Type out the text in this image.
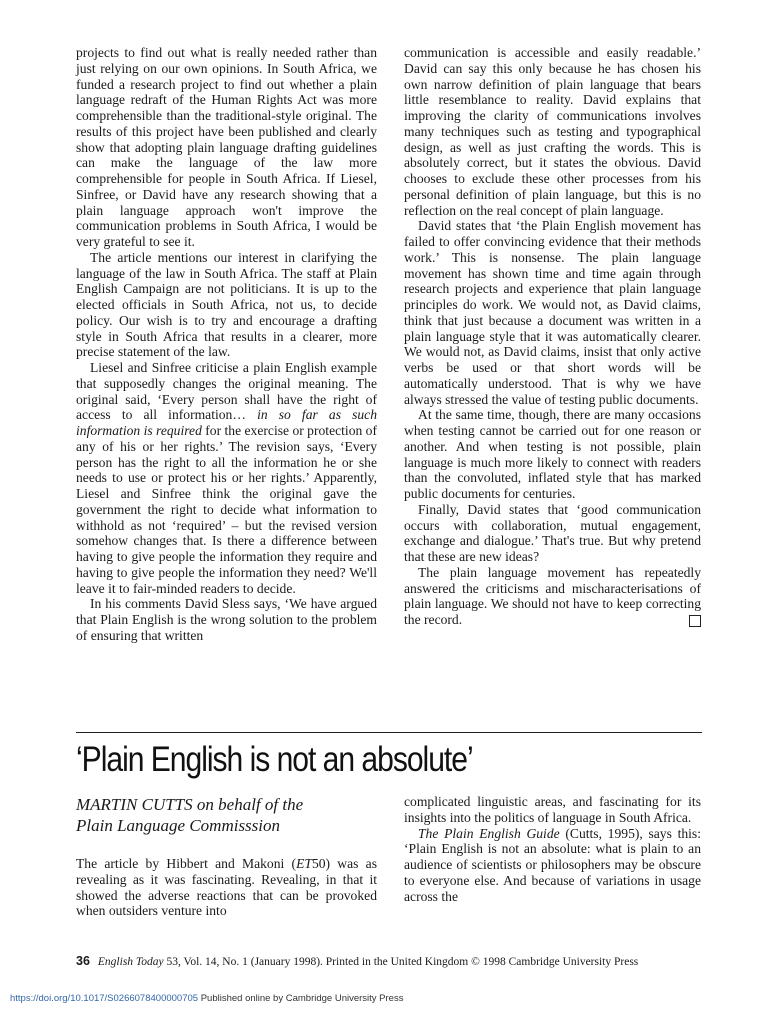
projects to find out what is really needed rather than just relying on our own opinions. In South Africa, we funded a research project to find out whether a plain language redraft of the Human Rights Act was more comprehensible than the traditional-style original. The results of this project have been published and clearly show that adopting plain language drafting guidelines can make the language of the law more comprehensible for people in South Africa. If Liesel, Sinfree, or David have any research showing that a plain language approach won't improve the communication problems in South Africa, I would be very grateful to see it.

The article mentions our interest in clarifying the language of the law in South Africa. The staff at Plain English Campaign are not politicians. It is up to the elected officials in South Africa, not us, to decide policy. Our wish is to try and encourage a drafting style in South Africa that results in a clearer, more precise statement of the law.

Liesel and Sinfree criticise a plain English example that supposedly changes the original meaning. The original said, ‘Every person shall have the right of access to all information… in so far as such information is required for the exercise or protection of any of his or her rights.’ The revision says, ‘Every person has the right to all the information he or she needs to use or protect his or her rights.’ Apparently, Liesel and Sinfree think the original gave the government the right to decide what information to withhold as not ‘required’ – but the revised version somehow changes that. Is there a difference between having to give people the information they require and having to give people the information they need? We'll leave it to fair-minded readers to decide.

In his comments David Sless says, ‘We have argued that Plain English is the wrong solution to the problem of ensuring that written

communication is accessible and easily readable.’ David can say this only because he has chosen his own narrow definition of plain language that bears little resemblance to reality. David explains that improving the clarity of communications involves many techniques such as testing and typographical design, as well as just crafting the words. This is absolutely correct, but it states the obvious. David chooses to exclude these other processes from his personal definition of plain language, but this is no reflection on the real concept of plain language.

David states that ‘the Plain English movement has failed to offer convincing evidence that their methods work.’ This is nonsense. The plain language movement has shown time and time again through research projects and experience that plain language principles do work. We would not, as David claims, think that just because a document was written in a plain language style that it was automatically clearer. We would not, as David claims, insist that only active verbs be used or that short words will be automatically understood. That is why we have always stressed the value of testing public documents.

At the same time, though, there are many occasions when testing cannot be carried out for one reason or another. And when testing is not possible, plain language is much more likely to connect with readers than the convoluted, inflated style that has marked public documents for centuries.

Finally, David states that ‘good communication occurs with collaboration, mutual engagement, exchange and dialogue.’ That's true. But why pretend that these are new ideas?

The plain language movement has repeatedly answered the criticisms and mischaracterisations of plain language. We should not have to keep correcting the record.

‘Plain English is not an absolute’
MARTIN CUTTS on behalf of the
Plain Language Commisssion

The article by Hibbert and Makoni (ET50) was as revealing as it was fascinating. Revealing, in that it showed the adverse reactions that can be provoked when outsiders venture into

complicated linguistic areas, and fascinating for its insights into the politics of language in South Africa.

The Plain English Guide (Cutts, 1995), says this: ‘Plain English is not an absolute: what is plain to an audience of scientists or philosophers may be obscure to everyone else. And because of variations in usage across the

36 English Today 53, Vol. 14, No. 1 (January 1998). Printed in the United Kingdom © 1998 Cambridge University Press
https://doi.org/10.1017/S0266078400000705 Published online by Cambridge University Press
